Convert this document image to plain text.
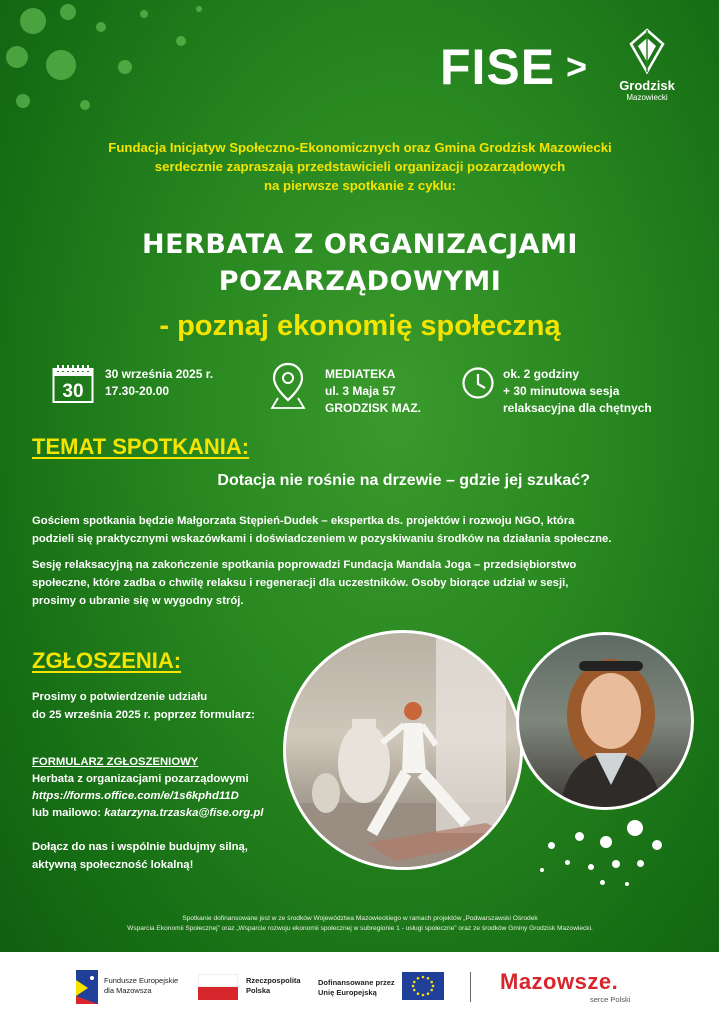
FISE >	Grodzisk
Mazowiecki
Fundacja Inicjatyw Społeczno-Ekonomicznych oraz Gmina Grodzisk Mazowiecki
serdecznie zapraszają przedstawicieli organizacji pozarządowych
na pierwsze spotkanie z cyklu:
HERBATA Z ORGANIZACJAMI
POZARZĄDOWYMI
- poznaj ekonomię społeczną
30
30 września 2025 r.
17.30-20.00
MEDIATEKA
ul. 3 Maja 57
GRODZISK MAZ.
ok. 2 godziny
+ 30 minutowa sesja
relaksacyjna dla chętnych
TEMAT SPOTKANIA:
Dotacja nie rośnie na drzewie – gdzie jej szukać?
Gościem spotkania będzie Małgorzata Stępień-Dudek – ekspertka ds. projektów i rozwoju NGO, która
podzieli się praktycznymi wskazówkami i doświadczeniem w pozyskiwaniu środków na działania społeczne.
Sesję relaksacyjną na zakończenie spotkania poprowadzi Fundacja Mandala Joga – przedsiębiorstwo
społeczne, które zadba o chwilę relaksu i regeneracji dla uczestników. Osoby biorące udział w sesji,
prosimy o ubranie się w wygodny strój.
ZGŁOSZENIA:
Prosimy o potwierdzenie udziału
do 25 września 2025 r. poprzez formularz:
FORMULARZ ZGŁOSZENIOWY
Herbata z organizacjami pozarządowymi
https://forms.office.com/e/1s6kphd11D
lub mailowo: katarzyna.trzaska@fise.org.pl
Dołącz do nas i wspólnie budujmy silną,
aktywną społeczność lokalną!
Spotkanie dofinansowane jest w ze środków Województwa Mazowieckiego w ramach projektów „Podwarszawski Ośrodek
Wsparcia Ekonomii Społecznej” oraz „Wsparcie rozwoju ekonomii społecznej w subregionie 1 - usługi społeczne” oraz ze środków Gminy Grodzisk Mazowiecki.
Fundusze Europejskie
dla Mazowsza
Rzeczpospolita
Polska
Dofinansowane przez
Unię Europejską	Mazowsze.
serce Polski
